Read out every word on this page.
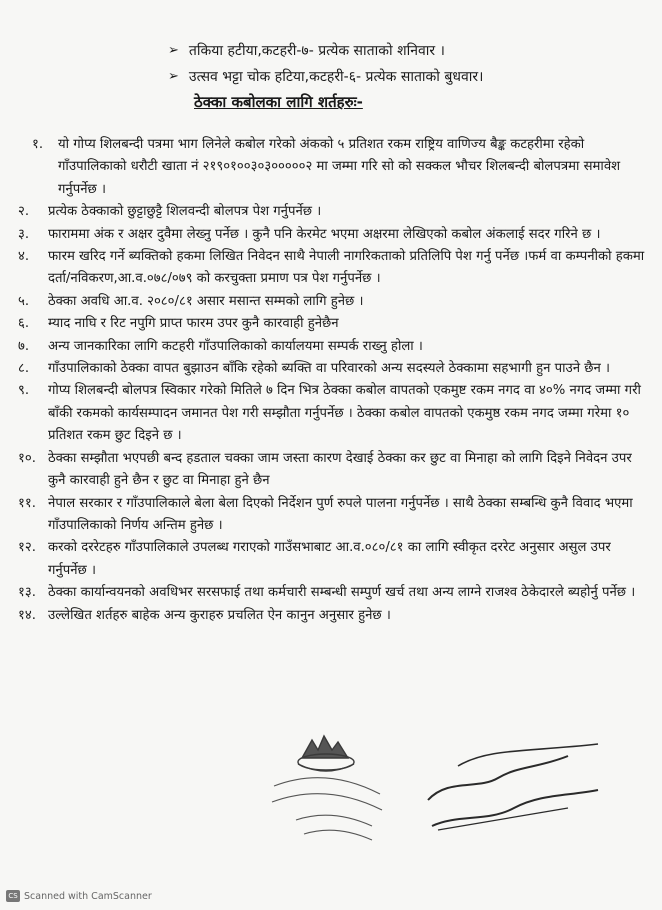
➢ तकिया हटीया,कटहरी-७- प्रत्येक साताको शनिवार ।
➢ उत्सव भट्टा चोक हटिया,कटहरी-६- प्रत्येक साताको बुधवार।
ठेक्का कबोलका लागि शर्तहरुः-
१.	यो गोप्य शिलबन्दी पत्रमा भाग लिनेले कबोल गरेको अंकको ५ प्रतिशत रकम राष्ट्रिय वाणिज्य बैङ्क कटहरीमा रहेको गाँउपालिकाको धरौटी खाता नं २१९०१००३०३०००००२ मा जम्मा गरि सो को सक्कल भौचर शिलबन्दी बोलपत्रमा समावेश गर्नुपर्नेछ ।
२.	प्रत्येक ठेक्काको छुट्टाछुट्टै शिलवन्दी बोलपत्र पेश गर्नुपर्नेछ ।
३.	फाराममा अंक र अक्षर दुवैमा लेख्नु पर्नेछ । कुनै पनि केरमेट भएमा अक्षरमा लेखिएको कबोल अंकलाई सदर गरिने छ ।
४.	फारम खरिद गर्ने ब्यक्तिको हकमा लिखित निवेदन साथै नेपाली नागरिकताको प्रतिलिपि पेश गर्नु पर्नेछ ।फर्म वा कम्पनीको हकमा दर्ता/नविकरण,आ.व.०७८/०७९ को करचुक्ता प्रमाण पत्र पेश गर्नुपर्नेछ ।
५.	ठेक्का अवधि आ.व. २०८०/८१ असार मसान्त सम्मको लागि हुनेछ ।
६.	म्याद नाघि र रिट नपुगि प्राप्त फारम उपर कुनै कारवाही हुनेछैन
७.	अन्य जानकारिका लागि कटहरी गाँउपालिकाको कार्यालयमा सम्पर्क राख्नु होला ।
८.	गाँउपालिकाको ठेक्का वापत बुझाउन बाँकि रहेको ब्यक्ति वा परिवारको अन्य सदस्यले ठेक्कामा सहभागी हुन पाउने छैन ।
९.	गोप्य शिलबन्दी बोलपत्र स्विकार गरेको मितिले ७ दिन भित्र ठेक्का कबोल वापतको एकमुष्ट रकम नगद वा ४०% नगद जम्मा गरी बाँकी रकमको कार्यसम्पादन जमानत पेश गरी सम्झौता गर्नुपर्नेछ । ठेक्का कबोल वापतको एकमुष्ठ रकम नगद जम्मा गरेमा १० प्रतिशत रकम छुट दिइने छ ।
१०. ठेक्का सम्झौता भएपछी बन्द हडताल चक्का जाम जस्ता कारण देखाई ठेक्का कर छुट वा मिनाहा को लागि दिइने निवेदन उपर कुनै कारवाही हुने छैन र छुट वा मिनाहा हुने छैन
११. नेपाल सरकार र गाँउपालिकाले बेला बेला दिएको निर्देशन पुर्ण रुपले पालना गर्नुपर्नेछ । साथै ठेक्का सम्बन्धि कुनै विवाद भएमा गाँउपालिकाको निर्णय अन्तिम हुनेछ ।
१२. करको दररेटहरु गाँउपालिकाले उपलब्ध गराएको गाउँसभाबाट आ.व.०८०/८१ का लागि स्वीकृत दररेट अनुसार असुल उपर गर्नुपर्नेछ ।
१३. ठेक्का कार्यान्वयनको अवधिभर सरसफाई तथा कर्मचारी सम्बन्धी सम्पुर्ण खर्च तथा अन्य लाग्ने राजश्व ठेकेदारले ब्यहोर्नु पर्नेछ ।
१४. उल्लेखित शर्तहरु बाहेक अन्य कुराहरु प्रचलित ऐन कानुन अनुसार हुनेछ ।
CS Scanned with CamScanner
